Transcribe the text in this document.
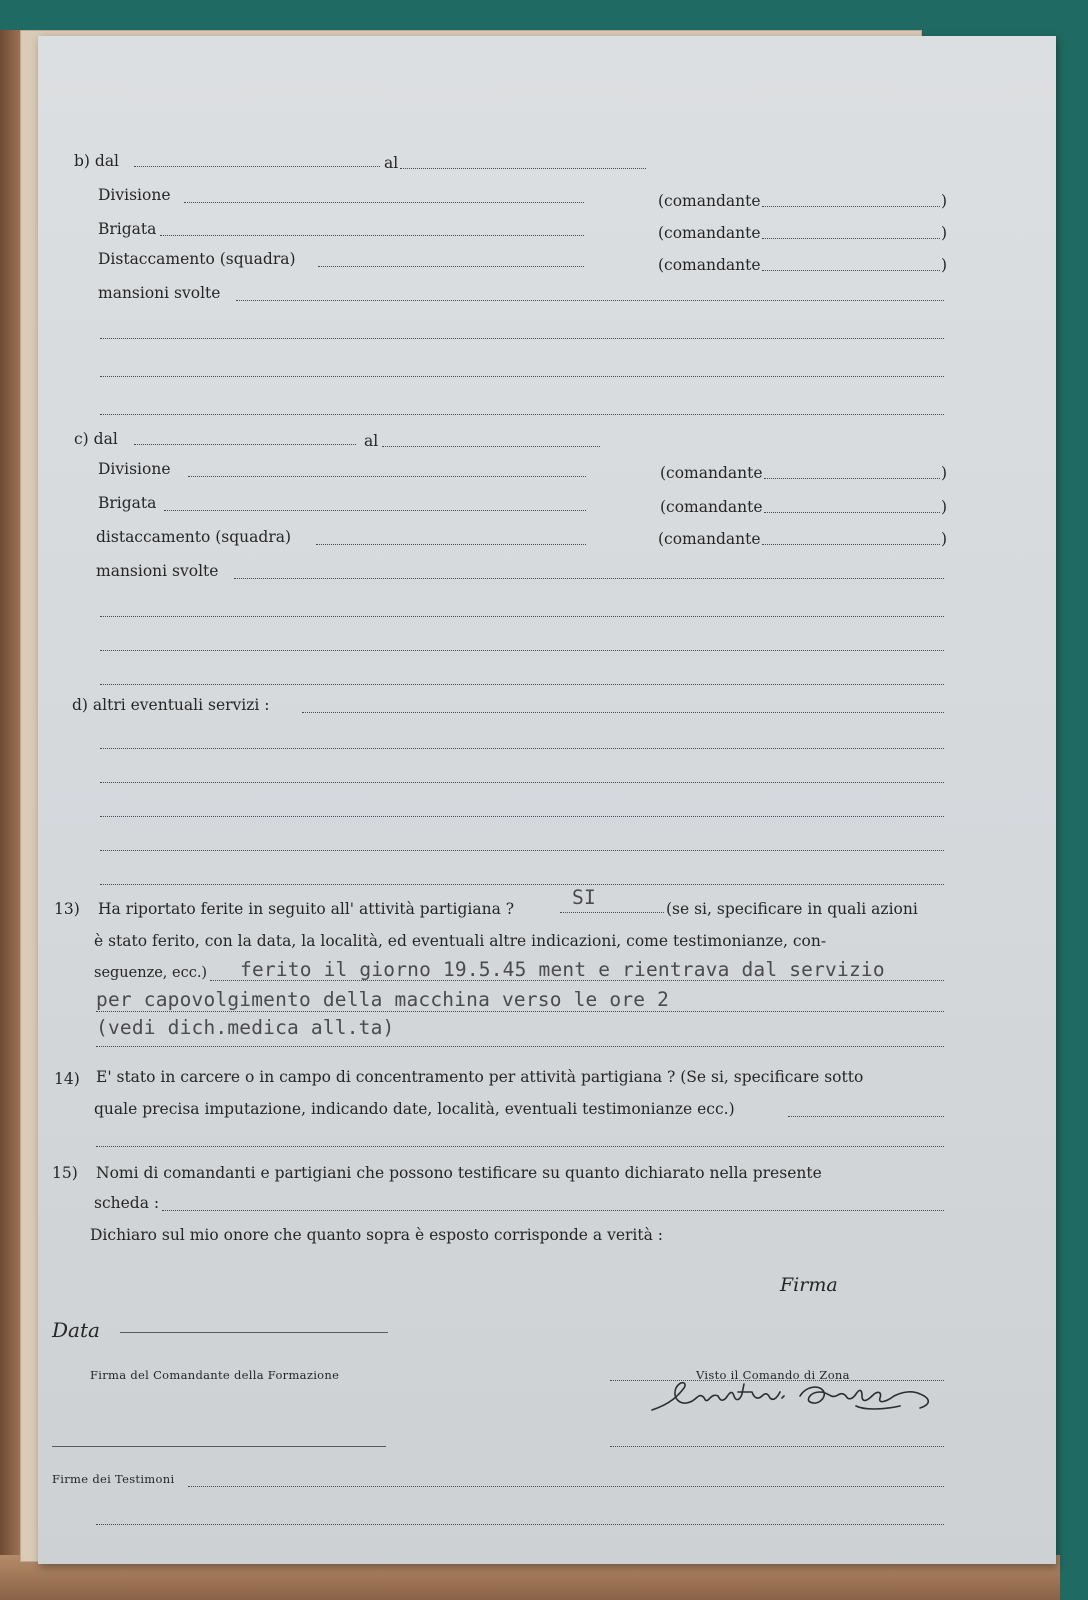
b) dal	al
Divisione	(comandante	)
Brigata	(comandante	)
Distaccamento (squadra)	(comandante	)
mansioni svolte
c) dal	al
Divisione	(comandante	)
Brigata	(comandante	)
distaccamento (squadra)	(comandante	)
mansioni svolte
d) altri eventuali servizi :
13) Ha riportato ferite in seguito all' attività partigiana ?	SI	(se si, specificare in quali azioni
è stato ferito, con la data, la località, ed eventuali altre indicazioni, come testimonianze, con-
seguenze, ecc.) ferito il giorno 19.5.45 ment e rientrava dal servizio
per capovolgimento della macchina verso le ore 2
(vedi dich.medica all.ta)
14) E' stato in carcere o in campo di concentramento per attività partigiana ? (Se si, specificare sotto
quale precisa imputazione, indicando date, località, eventuali testimonianze ecc.)
15) Nomi di comandanti e partigiani che possono testificare su quanto dichiarato nella presente
scheda :
Dichiaro sul mio onore che quanto sopra è esposto corrisponde a verità :
Firma
Data
Firma del Comandante della Formazione	Visto il Comando di Zona
Firme dei Testimoni
